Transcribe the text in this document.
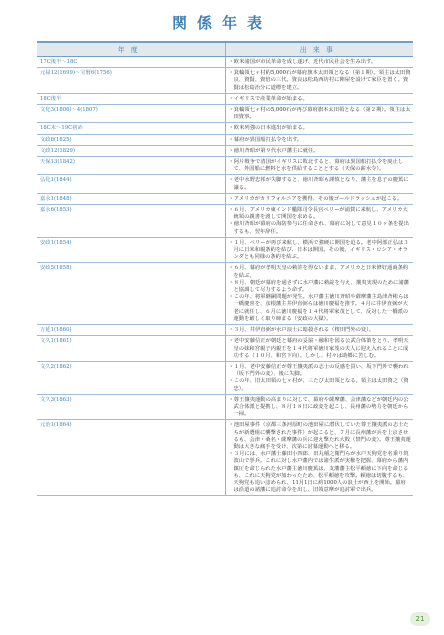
関係年表
年度	出来事
17C後半～18C	・欧米諸国が市民革命を成し遂げ、近代市民社会を生み出す。

元禄12(1699)～宝暦6(1756)	・箕輪領七ヶ村約5,000石が幕府旗本太田領となる（第１期）。領主は太田資良、資賢、資倍の三代。資良は松島西坊村に陣屋を設けて家臣を置く。資賢は松島治分に道標を建立。

18C後半	・イギリスで産業革命が始まる。

文化3(1806)～4(1807)	・箕輪領七ヶ村の5,000石が再び幕府旗本太田領となる（第２期）。領主は太田資寧。

18C末～19C初め	・欧米列強の日本進出が始まる。

文政8(1825)	・幕府が異国船打払令を出す。

文政12(1829)	・徳川斉昭が第９代水戸藩主に就任。

天保13(1842)	・阿片戦争で清国がイギリスに敗北すると、幕府は異国船打払令を廃止して、外国船に燃料と水を供給することとする（天保の薪水令）。

弘化1(1844)	・老中水野忠邦が失脚すると、徳川斉昭も謹慎となり、藩主を息子の慶篤に譲る。

嘉永1(1848)	・アメリカがカリフォルニアを獲得、その後ゴールドラッシュが起こる。

嘉永6(1853)	・６月、アメリカ東インド艦隊司令長官ペリーが浦賀に来航し、アメリカ大統領の親書を渡して開国を求める。
・徳川斉昭が幕府の海防参与に任命され、幕府に対して意見１０ヶ条を提出するも、翌年辞任。

安政1(1854)	・１月、ペリーが再び来航し、横浜で強硬に開国を迫る。老中阿部正弘は３月に日米和親条約を結び、日本は開国。その後、イギリス・ロシア・オランダとも同様の条約を結ぶ。

安政5(1858)	・６月、幕府が孝明天皇の勅許を得ないまま、アメリカと日米修好通商条約を結ぶ。
・８月、朝廷が幕府を通さずに水戸藩に勅諚を与え、攘夷実現のために諸藩と協調して尽力するよう命ず。
・この年、将軍継嗣問題が発生。水戸藩主徳川斉昭や薩摩藩主島津斉彬らは一橋慶喜を、彦根藩主井伊直弼らは徳川慶福を推す。４月に井伊直弼が大老に就任し、６月に徳川慶福を１４代将軍家茂として、反対した一橋派の運動を厳しく取り締まる（安政の大獄）。

万延1(1860)	・３月、井伊直弼が水戸浪士に暗殺される（桜田門外の変）。

文久1(1861)	・老中安藤信正が朝廷と幕府の妥協・融和を図る公武合体策をとり、孝明天皇の妹和宮親子内親王を１４代将軍徳川家茂の夫人に迎え入れることに成功する（１０月、和宮下向）。しかし、村々は助郷に苦しむ。

文久2(1862)	・１月、老中安藤信正が尊王攘夷派の志士の反感を買い、坂下門外で襲われ（坂下門外の変）、後に失脚。
・この年、旧太田領の七ヶ村が、三たび太田領となる。領主は太田資之（資忠）。

文久3(1863)	・尊王攘夷運動の高まりに対して、幕府や薩摩藩、会津藩などが朝廷内の公武合体派と提携し、８月１８日に政変を起こし、長州藩の勢力を朝廷から一掃。

元治1(1864)	・池田屋事件（京都三条河原町の池田屋に潜伏していた尊王攘夷派の志士たちが新選組に襲撃された事件）が起こると、７月に長州藩が兵を上京させるも、会津・桑名・薩摩藩の兵に迎え撃たれ大敗（禁門の変）。尊王攘夷運動は大きな痛手を受け、次第に討幕運動へと移る。
・３月には、水戸藩士藤田小四郎、田丸稲之衛門らが水戸天狗党を名乗り筑波山で挙兵。これに対し水戸藩内では諸生派が実権を把握、幕府から藩内鎮圧を命じられた水戸藩主徳川慶篤は、支藩藩主松平頼徳に下向を命じるも、これに天狗党が加わったため、松平頼徳を攻撃。頼徳は切腹するも、天狗党も追い詰められ、11月1日に約1000人の浪士が西上を開始。幕府は沿道の諸藩に追討命令を出し、旧領意摩が追討軍で出兵。
21
